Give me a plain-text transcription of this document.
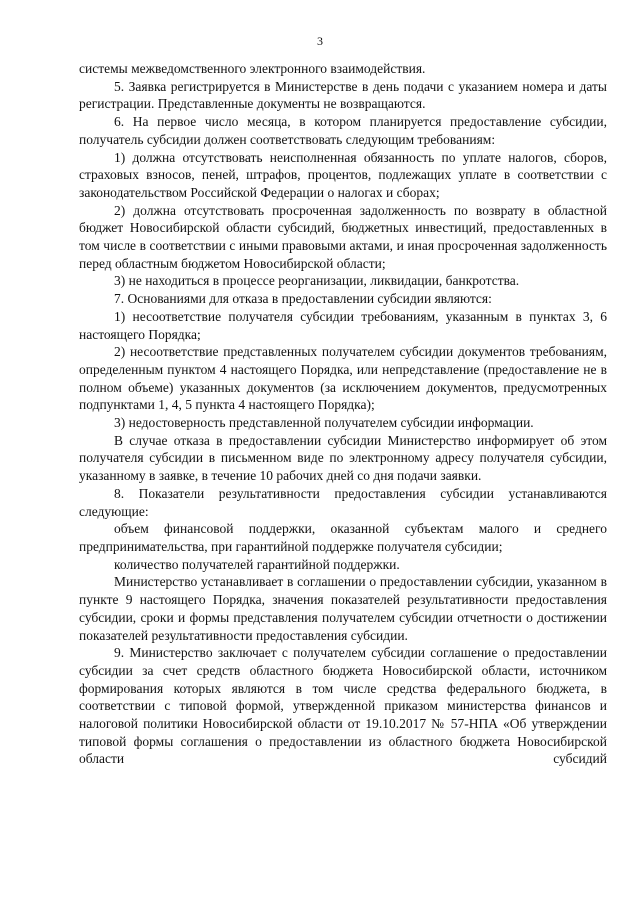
3

системы межведомственного электронного взаимодействия.

5. Заявка регистрируется в Министерстве в день подачи с указанием номера и даты регистрации. Представленные документы не возвращаются.

6. На первое число месяца, в котором планируется предоставление субсидии, получатель субсидии должен соответствовать следующим требованиям:

1) должна отсутствовать неисполненная обязанность по уплате налогов, сборов, страховых взносов, пеней, штрафов, процентов, подлежащих уплате в соответствии с законодательством Российской Федерации о налогах и сборах;

2) должна отсутствовать просроченная задолженность по возврату в областной бюджет Новосибирской области субсидий, бюджетных инвестиций, предоставленных в том числе в соответствии с иными правовыми актами, и иная просроченная задолженность перед областным бюджетом Новосибирской области;

3) не находиться в процессе реорганизации, ликвидации, банкротства.

7. Основаниями для отказа в предоставлении субсидии являются:

1) несоответствие получателя субсидии требованиям, указанным в пунктах 3, 6 настоящего Порядка;

2) несоответствие представленных получателем субсидии документов требованиям, определенным пунктом 4 настоящего Порядка, или непредставление (предоставление не в полном объеме) указанных документов (за исключением документов, предусмотренных подпунктами 1, 4, 5 пункта 4 настоящего Порядка);

3) недостоверность представленной получателем субсидии информации.

В случае отказа в предоставлении субсидии Министерство информирует об этом получателя субсидии в письменном виде по электронному адресу получателя субсидии, указанному в заявке, в течение 10 рабочих дней со дня подачи заявки.

8. Показатели результативности предоставления субсидии устанавливаются следующие:

объем финансовой поддержки, оказанной субъектам малого и среднего предпринимательства, при гарантийной поддержке получателя субсидии;

количество получателей гарантийной поддержки.

Министерство устанавливает в соглашении о предоставлении субсидии, указанном в пункте 9 настоящего Порядка, значения показателей результативности предоставления субсидии, сроки и формы представления получателем субсидии отчетности о достижении показателей результативности предоставления субсидии.

9. Министерство заключает с получателем субсидии соглашение о предоставлении субсидии за счет средств областного бюджета Новосибирской области, источником формирования которых являются в том числе средства федерального бюджета, в соответствии с типовой формой, утвержденной приказом министерства финансов и налоговой политики Новосибирской области от 19.10.2017 № 57-НПА «Об утверждении типовой формы соглашения о предоставлении из областного бюджета Новосибирской области субсидий
